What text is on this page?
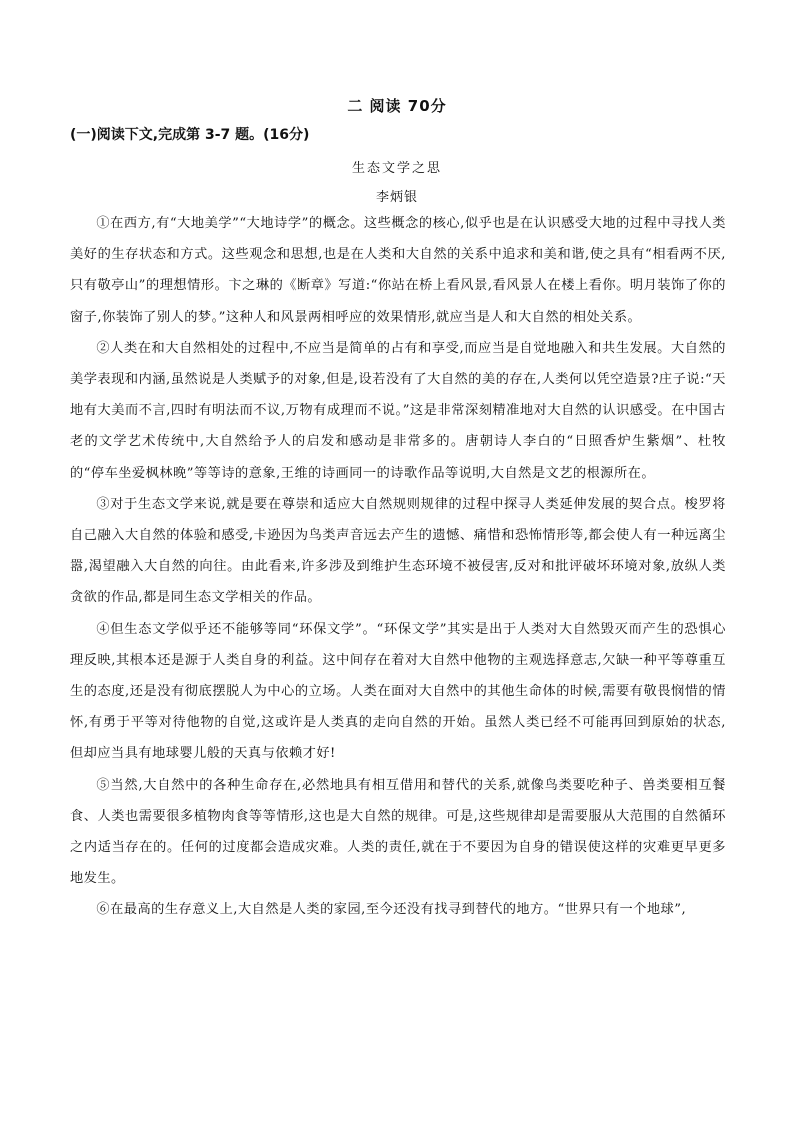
二 阅读 70分
(一)阅读下文,完成第 3-7 题。(16分)
生态文学之思
李炳银

①在西方,有“大地美学”“大地诗学”的概念。这些概念的核心,似乎也是在认识感受大地的过程中寻找人类美好的生存状态和方式。这些观念和思想,也是在人类和大自然的关系中追求和美和谐,使之具有“相看两不厌,只有敬亭山”的理想情形。卞之琳的《断章》写道:“你站在桥上看风景,看风景人在楼上看你。明月装饰了你的窗子,你装饰了别人的梦。”这种人和风景两相呼应的效果情形,就应当是人和大自然的相处关系。

②人类在和大自然相处的过程中,不应当是简单的占有和享受,而应当是自觉地融入和共生发展。大自然的美学表现和内涵,虽然说是人类赋予的对象,但是,设若没有了大自然的美的存在,人类何以凭空造景?庄子说:“天地有大美而不言,四时有明法而不议,万物有成理而不说。”这是非常深刻精准地对大自然的认识感受。在中国古老的文学艺术传统中,大自然给予人的启发和感动是非常多的。唐朝诗人李白的“日照香炉生紫烟”、杜牧的“停车坐爱枫林晚”等等诗的意象,王维的诗画同一的诗歌作品等说明,大自然是文艺的根源所在。

③对于生态文学来说,就是要在尊崇和适应大自然规则规律的过程中探寻人类延伸发展的契合点。梭罗将自己融入大自然的体验和感受,卡逊因为鸟类声音远去产生的遗憾、痛惜和恐怖情形等,都会使人有一种远离尘嚣,渴望融入大自然的向往。由此看来,许多涉及到维护生态环境不被侵害,反对和批评破坏环境对象,放纵人类贪欲的作品,都是同生态文学相关的作品。

④但生态文学似乎还不能够等同“环保文学”。“环保文学”其实是出于人类对大自然毁灭而产生的恐惧心理反映,其根本还是源于人类自身的利益。这中间存在着对大自然中他物的主观选择意志,欠缺一种平等尊重互生的态度,还是没有彻底摆脱人为中心的立场。人类在面对大自然中的其他生命体的时候,需要有敬畏悯惜的情怀,有勇于平等对待他物的自觉,这或许是人类真的走向自然的开始。虽然人类已经不可能再回到原始的状态,但却应当具有地球婴儿般的天真与依赖才好!

⑤当然,大自然中的各种生命存在,必然地具有相互借用和替代的关系,就像鸟类要吃种子、兽类要相互餐食、人类也需要很多植物肉食等等情形,这也是大自然的规律。可是,这些规律却是需要服从大范围的自然循环之内适当存在的。任何的过度都会造成灾难。人类的责任,就在于不要因为自身的错误使这样的灾难更早更多地发生。

⑥在最高的生存意义上,大自然是人类的家园,至今还没有找寻到替代的地方。“世界只有一个地球”,
